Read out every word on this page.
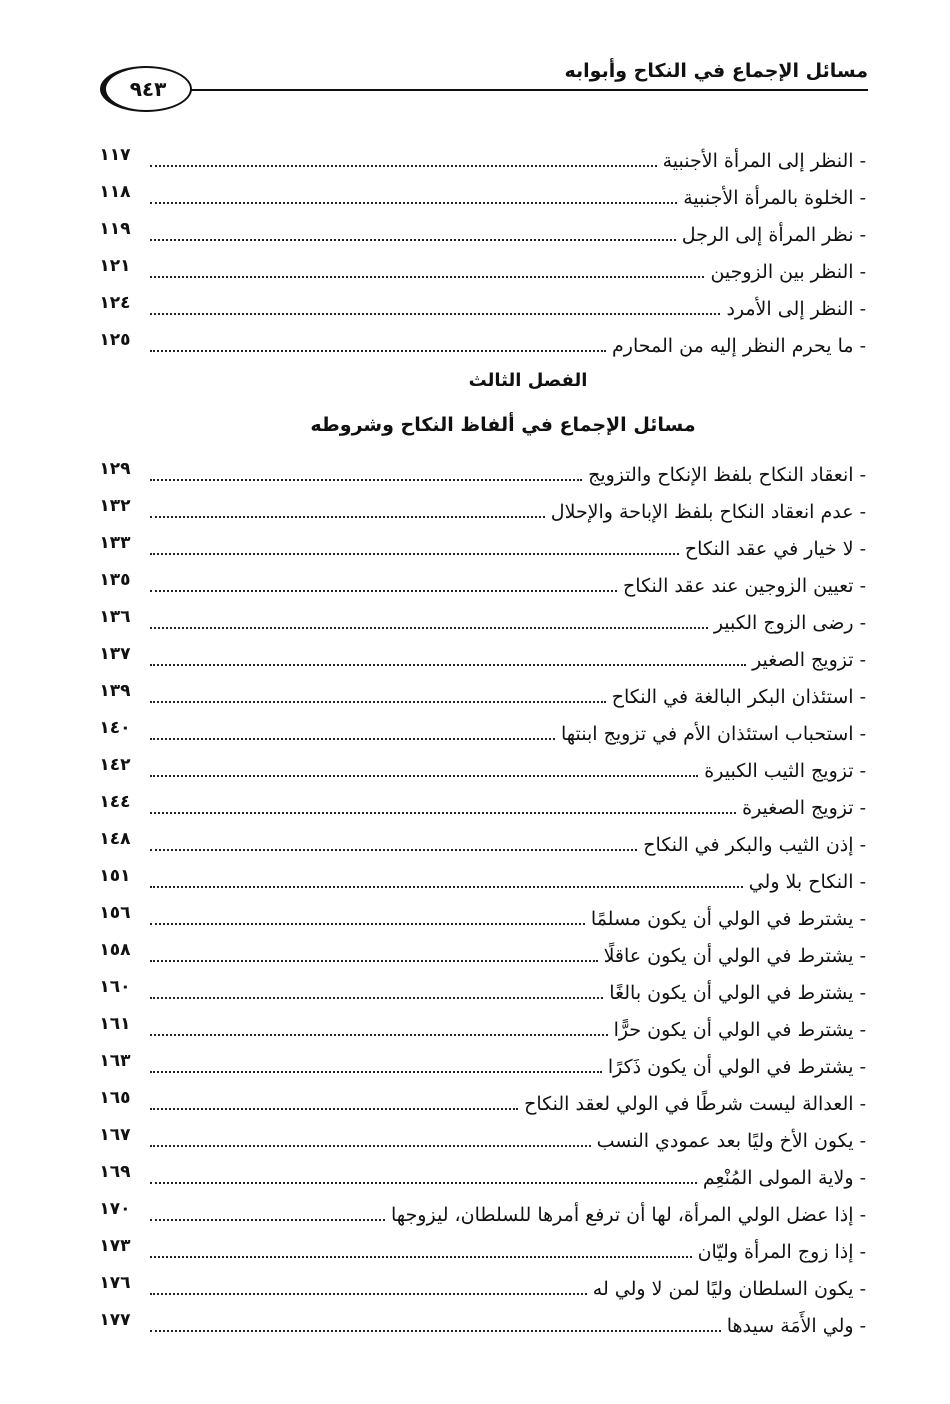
مسائل الإجماع في النكاح وأبوابه
٩٤٣
- النظر إلى المرأة الأجنبية
١١٧
- الخلوة بالمرأة الأجنبية
١١٨
- نظر المرأة إلى الرجل
١١٩
- النظر بين الزوجين
١٢١
- النظر إلى الأمرد
١٢٤
- ما يحرم النظر إليه من المحارم
١٢٥
الفصل الثالث
مسائل الإجماع في ألفاظ النكاح وشروطه
- انعقاد النكاح بلفظ الإنكاح والتزويج
١٢٩
- عدم انعقاد النكاح بلفظ الإباحة والإحلال
١٣٢
- لا خيار في عقد النكاح
١٣٣
- تعيين الزوجين عند عقد النكاح
١٣٥
- رضى الزوج الكبير
١٣٦
- تزويج الصغير
١٣٧
- استئذان البكر البالغة في النكاح
١٣٩
- استحباب استئذان الأم في تزويج ابنتها
١٤٠
- تزويج الثيب الكبيرة
١٤٢
- تزويج الصغيرة
١٤٤
- إذن الثيب والبكر في النكاح
١٤٨
- النكاح بلا ولي
١٥١
- يشترط في الولي أن يكون مسلمًا
١٥٦
- يشترط في الولي أن يكون عاقلًا
١٥٨
- يشترط في الولي أن يكون بالغًا
١٦٠
- يشترط في الولي أن يكون حرًّا
١٦١
- يشترط في الولي أن يكون ذَكرًا
١٦٣
- العدالة ليست شرطًا في الولي لعقد النكاح
١٦٥
- يكون الأخ وليًا بعد عمودي النسب
١٦٧
- ولاية المولى المُنْعِم
١٦٩
- إذا عضل الولي المرأة، لها أن ترفع أمرها للسلطان، ليزوجها
١٧٠
- إذا زوج المرأة وليّان
١٧٣
- يكون السلطان وليًا لمن لا ولي له
١٧٦
- ولي الأَمَة سيدها
١٧٧
